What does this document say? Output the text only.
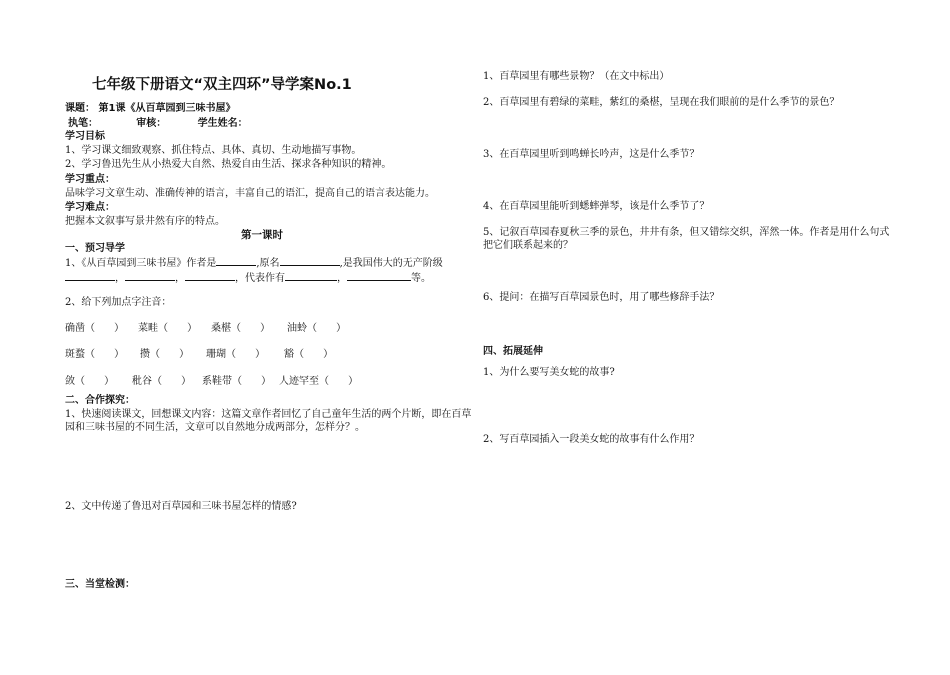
七年级下册语文“双主四环”导学案No.1
课题： 第1课《从百草园到三味书屋》
执笔：           审核：         学生姓名：
学习目标
1、学习课文细致观察、抓住特点、具体、真切、生动地描写事物。
2、学习鲁迅先生从小热爱大自然、热爱自由生活、探求各种知识的精神。
学习重点：
品味学习文章生动、准确传神的语言，丰富自己的语汇，提高自己的语言表达能力。
学习难点：
把握本文叙事写景井然有序的特点。
第一课时
一、预习导学
1、《从百草园到三味书屋》作者是	,原名	,是我国伟大的无产阶级
，	，	，代表作有	，	等。
2、给下列加点字注音：
确凿（      ） 菜畦（      ） 桑椹（      ） 油蛉（      ）
斑蝥（      ） 攒（      ） 珊瑚（      ） 豁（      ）
敛（      ） 秕谷（      ） 系鞋带（      ） 人迹罕至（      ）
二、合作探究：
1、快速阅读课文，回想课文内容：这篇文章作者回忆了自己童年生活的两个片断，即在百草园和三味书屋的不同生活，文章可以自然地分成两部分，怎样分？。
2、文中传递了鲁迅对百草园和三味书屋怎样的情感?
三、当堂检测：
1、百草园里有哪些景物？（在文中标出）
2、百草园里有碧绿的菜畦，紫红的桑椹，呈现在我们眼前的是什么季节的景色？
3、在百草园里听到鸣蝉长吟声，这是什么季节？
4、在百草园里能听到蟋蟀弹琴，该是什么季节了？
5、记叙百草园春夏秋三季的景色，井井有条，但又错综交织，浑然一体。作者是用什么句式把它们联系起来的？
6、提问：在描写百草园景色时，用了哪些修辞手法？
四、拓展延伸
1、为什么要写美女蛇的故事?
2、写百草园插入一段美女蛇的故事有什么作用？
